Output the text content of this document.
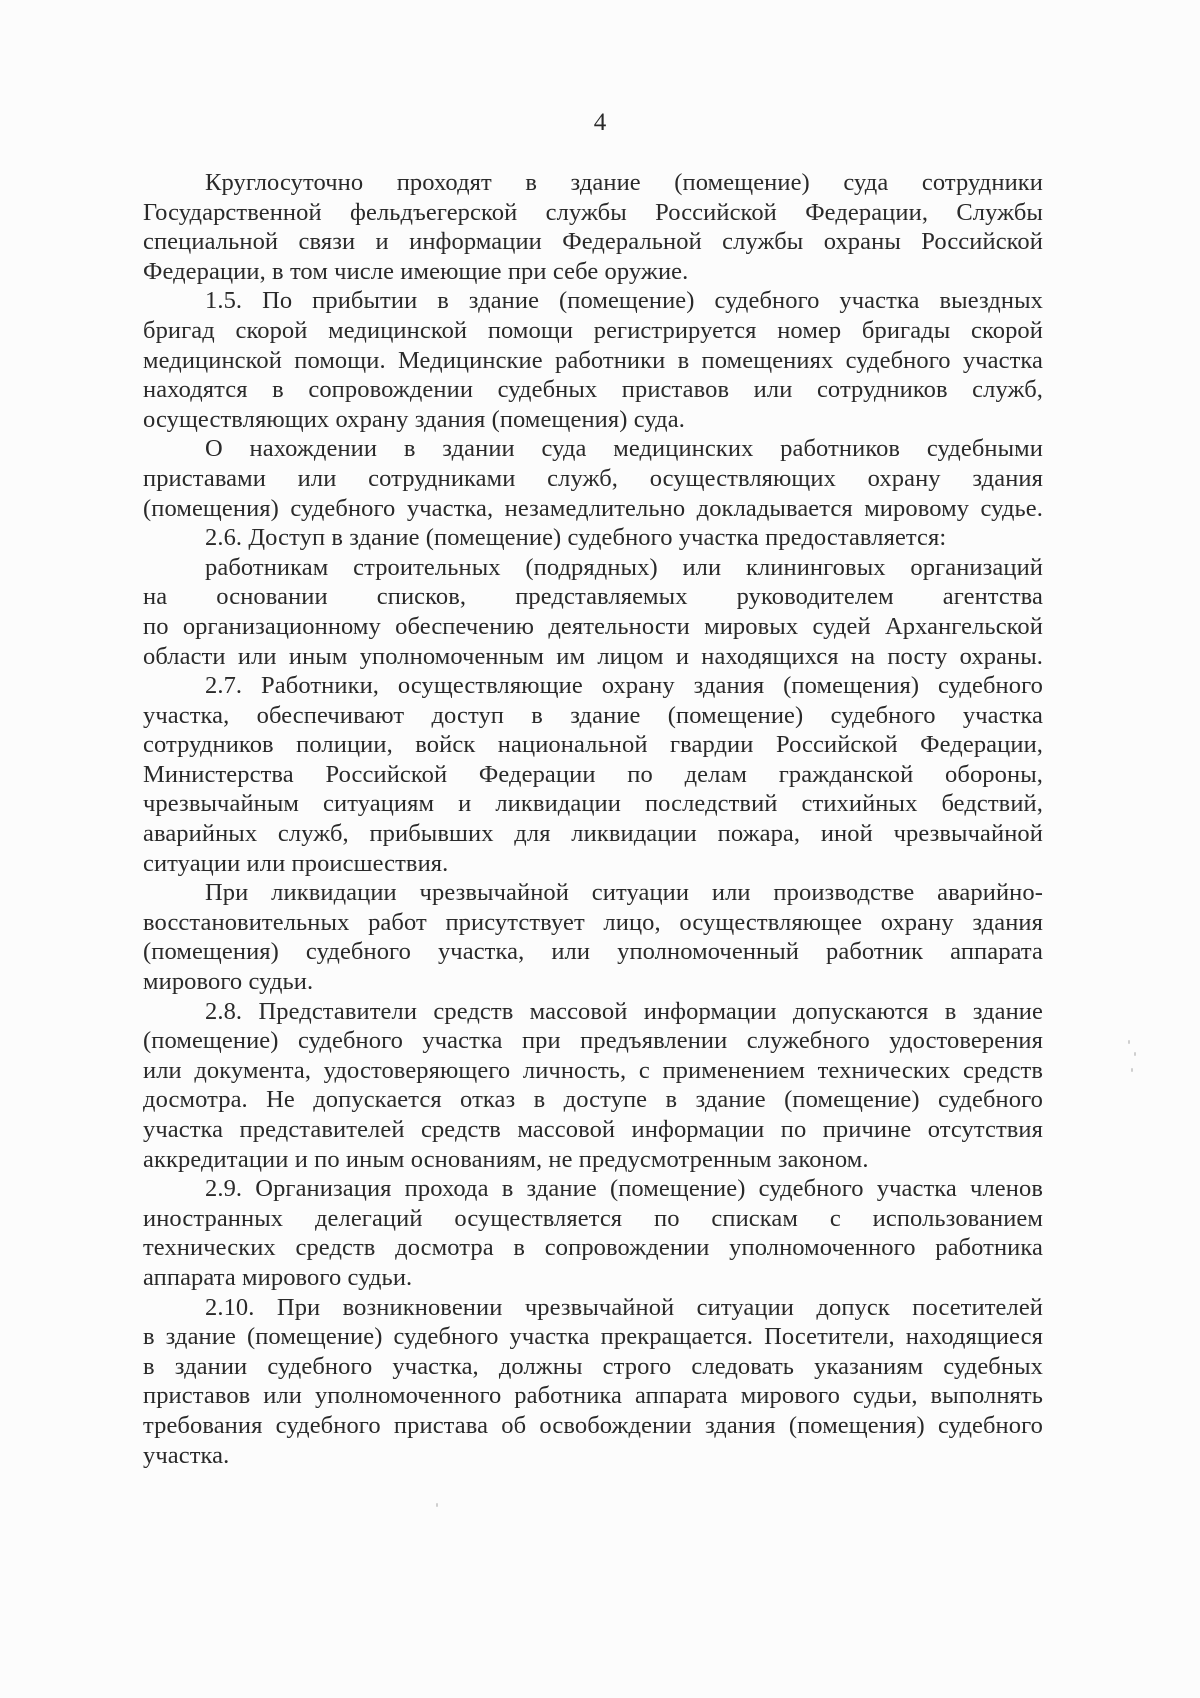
4
Круглосуточно проходят в здание (помещение) суда сотрудники
Государственной фельдъегерской службы Российской Федерации, Службы
специальной связи и информации Федеральной службы охраны Российской
Федерации, в том числе имеющие при себе оружие.
1.5. По прибытии в здание (помещение) судебного участка выездных
бригад скорой медицинской помощи регистрируется номер бригады скорой
медицинской помощи. Медицинские работники в помещениях судебного участка
находятся в сопровождении судебных приставов или сотрудников служб,
осуществляющих охрану здания (помещения) суда.
О нахождении в здании суда медицинских работников судебными
приставами или сотрудниками служб, осуществляющих охрану здания
(помещения) судебного участка, незамедлительно докладывается мировому судье.
2.6. Доступ в здание (помещение) судебного участка предоставляется:
работникам строительных (подрядных) или клининговых организаций
на основании списков, представляемых руководителем агентства
по организационному обеспечению деятельности мировых судей Архангельской
области или иным уполномоченным им лицом и находящихся на посту охраны.
2.7. Работники, осуществляющие охрану здания (помещения) судебного
участка, обеспечивают доступ в здание (помещение) судебного участка
сотрудников полиции, войск национальной гвардии Российской Федерации,
Министерства Российской Федерации по делам гражданской обороны,
чрезвычайным ситуациям и ликвидации последствий стихийных бедствий,
аварийных служб, прибывших для ликвидации пожара, иной чрезвычайной
ситуации или происшествия.
При ликвидации чрезвычайной ситуации или производстве аварийно-
восстановительных работ присутствует лицо, осуществляющее охрану здания
(помещения) судебного участка, или уполномоченный работник аппарата
мирового судьи.
2.8. Представители средств массовой информации допускаются в здание
(помещение) судебного участка при предъявлении служебного удостоверения
или документа, удостоверяющего личность, с применением технических средств
досмотра. Не допускается отказ в доступе в здание (помещение) судебного
участка представителей средств массовой информации по причине отсутствия
аккредитации и по иным основаниям, не предусмотренным законом.
2.9. Организация прохода в здание (помещение) судебного участка членов
иностранных делегаций осуществляется по спискам с использованием
технических средств досмотра в сопровождении уполномоченного работника
аппарата мирового судьи.
2.10. При возникновении чрезвычайной ситуации допуск посетителей
в здание (помещение) судебного участка прекращается. Посетители, находящиеся
в здании судебного участка, должны строго следовать указаниям судебных
приставов или уполномоченного работника аппарата мирового судьи, выполнять
требования судебного пристава об освобождении здания (помещения) судебного
участка.
